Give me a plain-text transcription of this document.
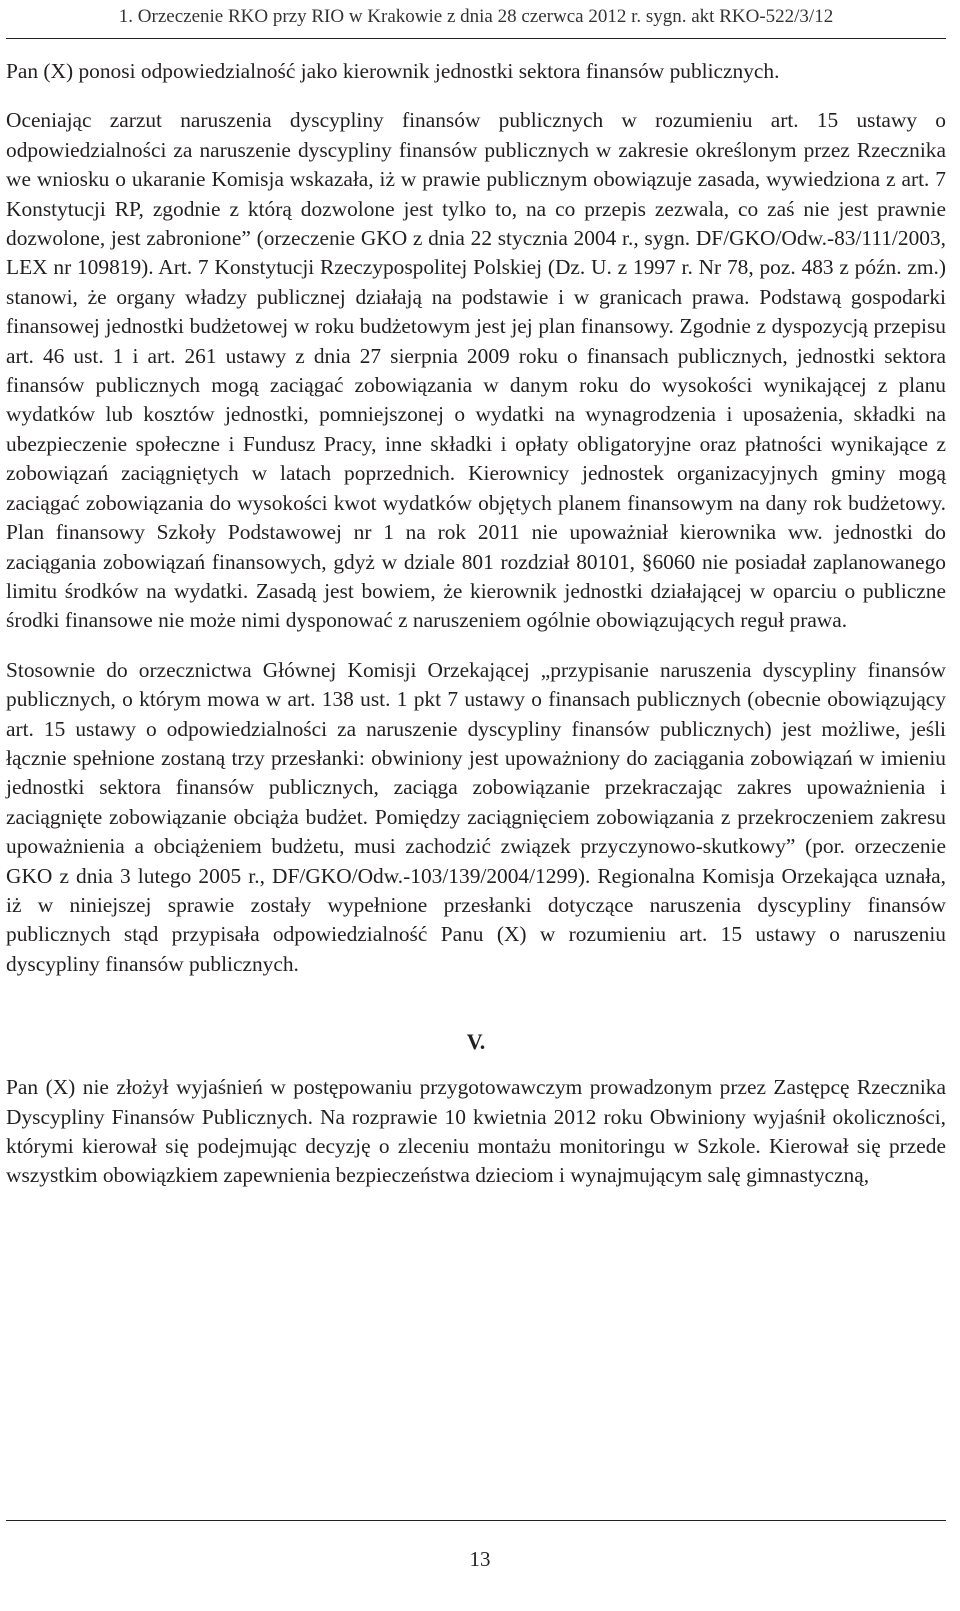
1. Orzeczenie RKO przy RIO w Krakowie z dnia 28 czerwca 2012 r. sygn. akt RKO-522/3/12

Pan (X) ponosi odpowiedzialność jako kierownik jednostki sektora finansów publicznych.

Oceniając zarzut naruszenia dyscypliny finansów publicznych w rozumieniu art. 15 ustawy o odpowiedzialności za naruszenie dyscypliny finansów publicznych w zakresie określonym przez Rzecznika we wniosku o ukaranie Komisja wskazała, iż w prawie publicznym obowiązuje zasada, wywiedziona z art. 7 Konstytucji RP, zgodnie z którą dozwolone jest tylko to, na co przepis zezwala, co zaś nie jest prawnie dozwolone, jest zabronione” (orzeczenie GKO z dnia 22 stycznia 2004 r., sygn. DF/GKO/Odw.-83/111/2003, LEX nr 109819). Art. 7 Konstytucji Rzeczypospolitej Polskiej (Dz. U. z 1997 r. Nr 78, poz. 483 z późn. zm.) stanowi, że organy władzy publicznej działają na podstawie i w granicach prawa. Podstawą gospodarki finansowej jednostki budżetowej w roku budżetowym jest jej plan finansowy. Zgodnie z dyspozycją przepisu art. 46 ust. 1 i art. 261 ustawy z dnia 27 sierpnia 2009 roku o finansach publicznych, jednostki sektora finansów publicznych mogą zaciągać zobowiązania w danym roku do wysokości wynikającej z planu wydatków lub kosztów jednostki, pomniejszonej o wydatki na wynagrodzenia i uposażenia, składki na ubezpieczenie społeczne i Fundusz Pracy, inne składki i opłaty obligatoryjne oraz płatności wynikające z zobowiązań zaciągniętych w latach poprzednich. Kierownicy jednostek organizacyjnych gminy mogą zaciągać zobowiązania do wysokości kwot wydatków objętych planem finansowym na dany rok budżetowy. Plan finansowy Szkoły Podstawowej nr 1 na rok 2011 nie upoważniał kierownika ww. jednostki do zaciągania zobowiązań finansowych, gdyż w dziale 801 rozdział 80101, §6060 nie posiadał zaplanowanego limitu środków na wydatki. Zasadą jest bowiem, że kierownik jednostki działającej w oparciu o publiczne środki finansowe nie może nimi dysponować z naruszeniem ogólnie obowiązujących reguł prawa.

Stosownie do orzecznictwa Głównej Komisji Orzekającej „przypisanie naruszenia dyscypliny finansów publicznych, o którym mowa w art. 138 ust. 1 pkt 7 ustawy o finansach publicznych (obecnie obowiązujący art. 15 ustawy o odpowiedzialności za naruszenie dyscypliny finansów publicznych) jest możliwe, jeśli łącznie spełnione zostaną trzy przesłanki: obwiniony jest upoważniony do zaciągania zobowiązań w imieniu jednostki sektora finansów publicznych, zaciąga zobowiązanie przekraczając zakres upoważnienia i zaciągnięte zobowiązanie obciąża budżet. Pomiędzy zaciągnięciem zobowiązania z przekroczeniem zakresu upoważnienia a obciążeniem budżetu, musi zachodzić związek przyczynowo-skutkowy” (por. orzeczenie GKO z dnia 3 lutego 2005 r., DF/GKO/Odw.-103/139/2004/1299). Regionalna Komisja Orzekająca uznała, iż w niniejszej sprawie zostały wypełnione przesłanki dotyczące naruszenia dyscypliny finansów publicznych stąd przypisała odpowiedzialność Panu (X) w rozumieniu art. 15 ustawy o naruszeniu dyscypliny finansów publicznych.

V.

Pan (X) nie złożył wyjaśnień w postępowaniu przygotowawczym prowadzonym przez Zastępcę Rzecznika Dyscypliny Finansów Publicznych. Na rozprawie 10 kwietnia 2012 roku Obwiniony wyjaśnił okoliczności, którymi kierował się podejmując decyzję o zleceniu montażu monitoringu w Szkole. Kierował się przede wszystkim obowiązkiem zapewnienia bezpieczeństwa dzieciom i wynajmującym salę gimnastyczną,

13
